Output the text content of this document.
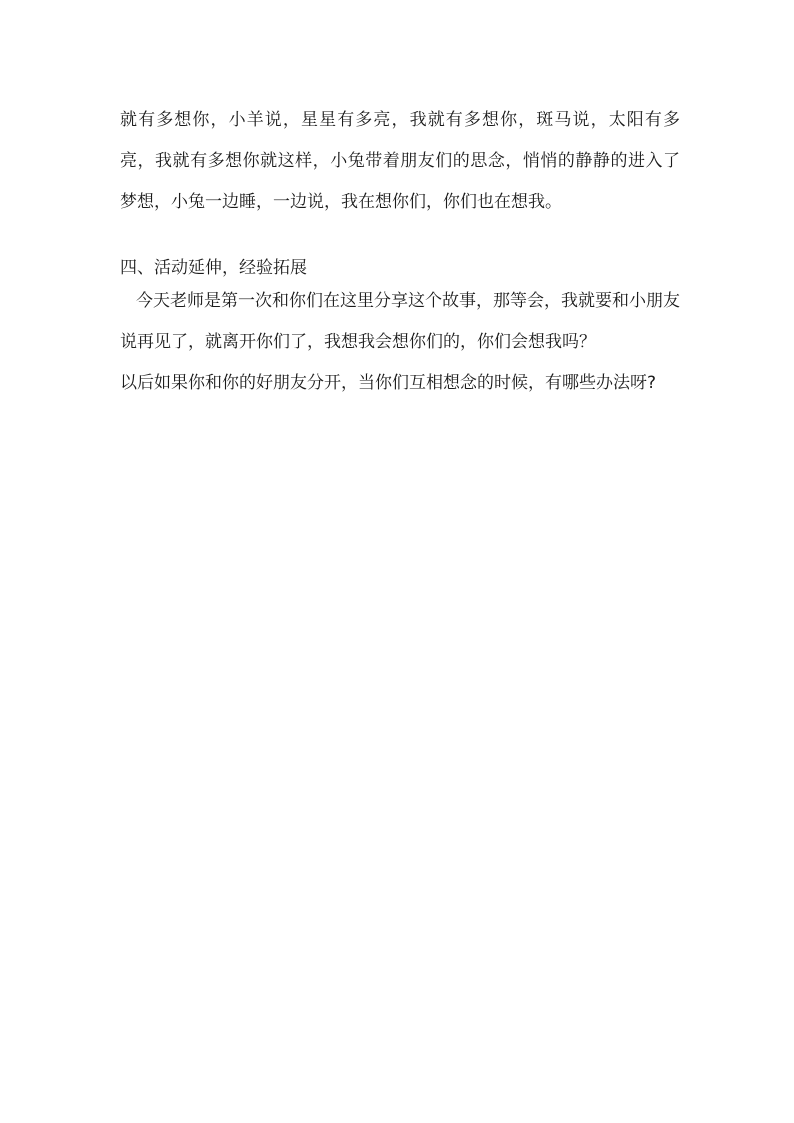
就有多想你，小羊说，星星有多亮，我就有多想你，斑马说，太阳有多亮，我就有多想你就这样，小兔带着朋友们的思念，悄悄的静静的进入了梦想，小兔一边睡，一边说，我在想你们，你们也在想我。

四、活动延伸，经验拓展

今天老师是第一次和你们在这里分享这个故事，那等会，我就要和小朋友说再见了，就离开你们了，我想我会想你们的，你们会想我吗？

以后如果你和你的好朋友分开，当你们互相想念的时候，有哪些办法呀?
